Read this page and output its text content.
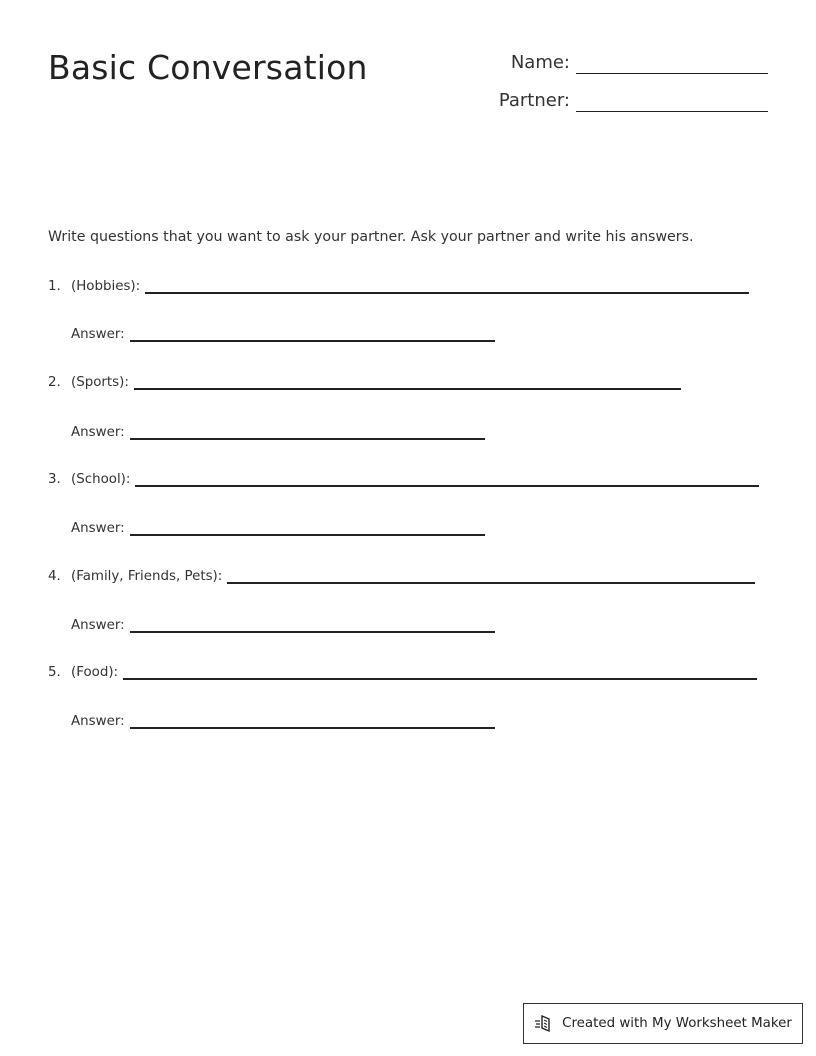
Basic Conversation	Name:
Partner:
Write questions that you want to ask your partner. Ask your partner and write his answers.
1. (Hobbies):
Answer:
2. (Sports):
Answer:
3. (School):
Answer:
4. (Family, Friends, Pets):
Answer:
5. (Food):
Answer:
Created with My Worksheet Maker
